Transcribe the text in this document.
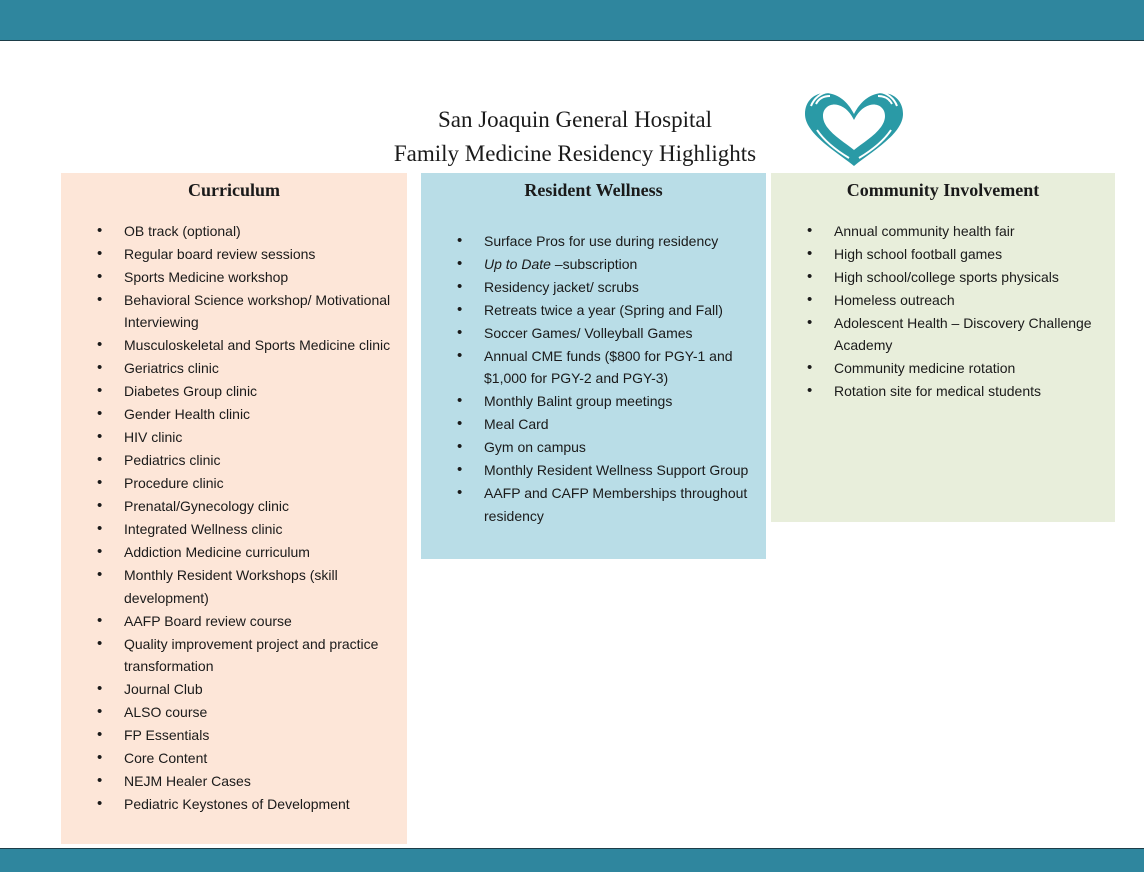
San Joaquin General Hospital
Family Medicine Residency Highlights
Curriculum
• OB track (optional)
• Regular board review sessions
• Sports Medicine workshop
• Behavioral Science workshop/ Motivational Interviewing
• Musculoskeletal and Sports Medicine clinic
• Geriatrics clinic
• Diabetes Group clinic
• Gender Health clinic
• HIV clinic
• Pediatrics clinic
• Procedure clinic
• Prenatal/Gynecology clinic
• Integrated Wellness clinic
• Addiction Medicine curriculum
• Monthly Resident Workshops (skill development)
• AAFP Board review course
• Quality improvement project and practice transformation
• Journal Club
• ALSO course
• FP Essentials
• Core Content
• NEJM Healer Cases
• Pediatric Keystones of Development
Resident Wellness
• Surface Pros for use during residency
• Up to Date –subscription
• Residency jacket/ scrubs
• Retreats twice a year (Spring and Fall)
• Soccer Games/ Volleyball Games
• Annual CME funds ($800 for PGY-1 and $1,000 for PGY-2 and PGY-3)
• Monthly Balint group meetings
• Meal Card
• Gym on campus
• Monthly Resident Wellness Support Group
• AAFP and CAFP Memberships throughout residency
Community Involvement
• Annual community health fair
• High school football games
• High school/college sports physicals
• Homeless outreach
• Adolescent Health – Discovery Challenge Academy
• Community medicine rotation
• Rotation site for medical students
